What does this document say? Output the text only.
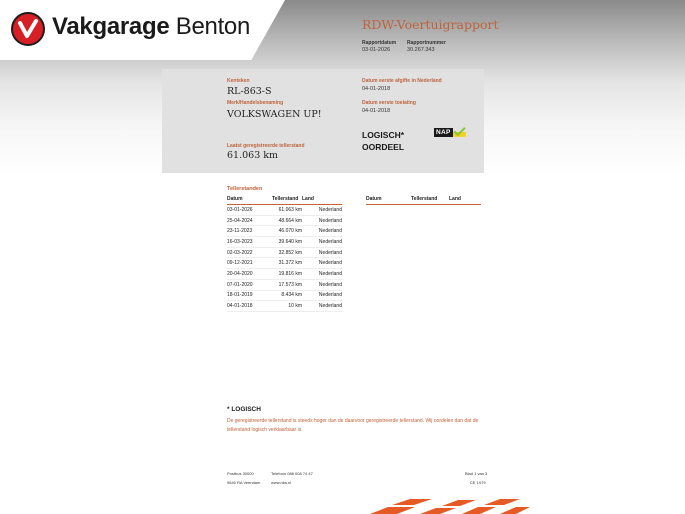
Vakgarage Benton	RDW-Voertuigrapport
Rapportdatum
03-01-2026
Rapportnummer
30.267.343
Kenteken
RL-863-S
Merk/Handelsbenaming
VOLKSWAGEN UP!
Laatst geregistreerde tellerstand
61.063 km
Datum eerste afgifte in Nederland
04-01-2018
Datum eerste toelating
04-01-2018
LOGISCH*
OORDEEL
NAP
Tellerstanden
Datum	Tellerstand	Land
03-01-2026	61.063 km	Nederland
25-04-2024	48.664 km	Nederland
23-11-2023	46.070 km	Nederland
16-03-2023	39.640 km	Nederland
02-03-2022	32.852 km	Nederland
09-12-2021	31.372 km	Nederland
20-04-2020	19.816 km	Nederland
07-01-2020	17.573 km	Nederland
18-01-2019	8.434 km	Nederland
04-01-2018	10 km	Nederland
Datum	Tellerstand	Land
* LOGISCH
De geregistreerde tellerstand is steeds hoger dan de daarvoor geregistreerde tellerstand. Wij oordelen dan dat de tellerstand logisch verklaarbaar is.
Postbus 30000
9640 RA Veendam
Telefoon 088 008 74 47
www.rdw.nl
Blad 1 van 3
CE 1979
